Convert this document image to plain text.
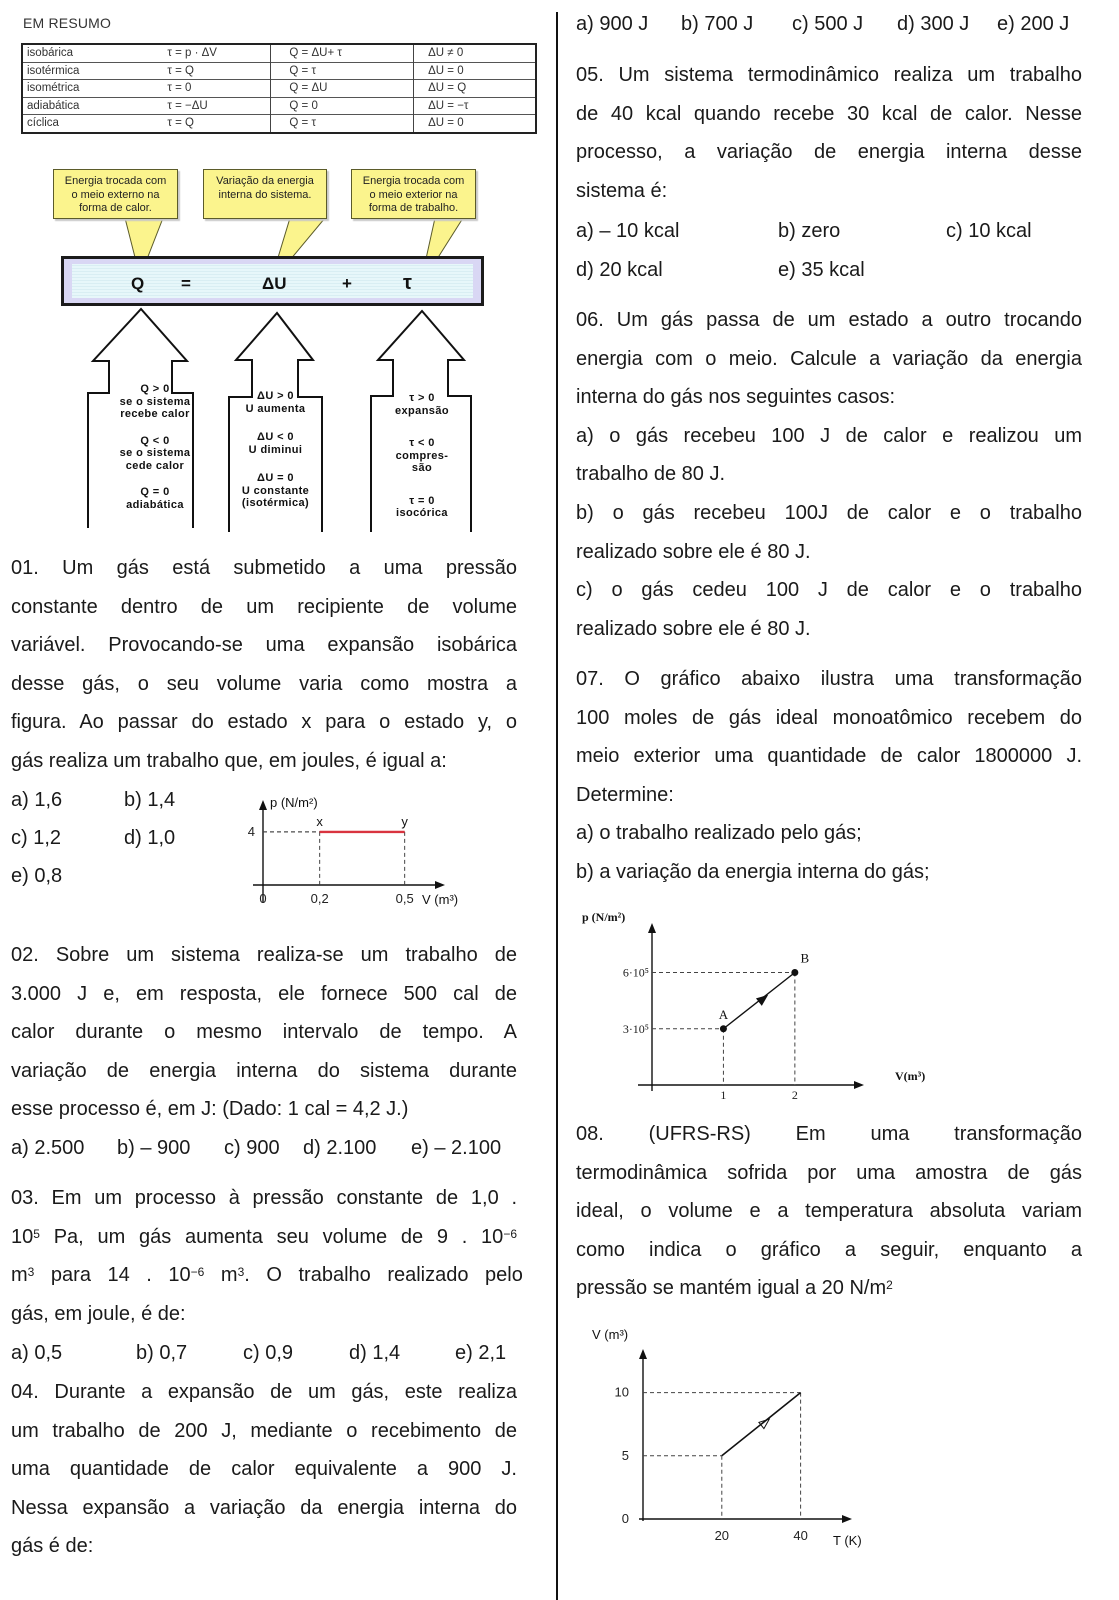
EM RESUMO
isobárica	τ = p · ΔV	Q = ΔU+ τ	ΔU ≠ 0
isotérmica	τ = Q	Q = τ	ΔU = 0
isométrica	τ = 0	Q = ΔU	ΔU = Q
adiabática	τ = −ΔU	Q = 0	ΔU = −τ
cíclica	τ = Q	Q = τ	ΔU = 0
Energia trocada com
o meio externo na
forma de calor.
Variação da energia
interna do sistema.
Energia trocada com
o meio exterior na
forma de trabalho.
Q =	ΔU	+	τ
Q > 0
se o sistema
recebe calor
Q < 0
se o sistema
cede calor
Q = 0
adiabática
ΔU > 0
U aumenta
ΔU < 0
U diminui
ΔU = 0
U constante
(isotérmica)
τ > 0
expansão
τ < 0
compres-
são
τ = 0
isocórica
01. Um gás está submetido a uma pressão
constante dentro de um recipiente de volume
variável. Provocando-se uma expansão isobárica
desse gás, o seu volume varia como mostra a
figura. Ao passar do estado x para o estado y, o
gás realiza um trabalho que, em joules, é igual a:
a) 1,6	b) 1,4
c) 1,2	d) 1,0
e) 0,8
x	y
0	0,2	0,5
4
V (m³)
p (N/m²)
02. Sobre um sistema realiza-se um trabalho de
3.000 J e, em resposta, ele fornece 500 cal de
calor durante o mesmo intervalo de tempo. A
variação de energia interna do sistema durante
esse processo é, em J: (Dado: 1 cal = 4,2 J.)
a) 2.500 b) – 900 c) 900 d) 2.100 e) – 2.100
03. Em um processo à pressão constante de 1,0 .
$10^5$ Pa, um gás aumenta seu volume de 9 . $10^{-6}$
$m^3$ para 14 . $10^{-6}$ $m^3$. O trabalho realizado pelo
gás, em joule, é de:
a) 0,5	b) 0,7	c) 0,9	d) 1,4	e) 2,1
04. Durante a expansão de um gás, este realiza
um trabalho de 200 J, mediante o recebimento de
uma quantidade de calor equivalente a 900 J.
Nessa expansão a variação da energia interna do
gás é de:
a) 900 J b) 700 J c) 500 J d) 300 J e) 200 J
05. Um sistema termodinâmico realiza um trabalho
de 40 kcal quando recebe 30 kcal de calor. Nesse
processo, a variação de energia interna desse
sistema é:
a) – 10 kcal	b) zero	c) 10 kcal
d) 20 kcal	e) 35 kcal
06. Um gás passa de um estado a outro trocando
energia com o meio. Calcule a variação da energia
interna do gás nos seguintes casos:
a) o gás recebeu 100 J de calor e realizou um
trabalho de 80 J.
b) o gás recebeu 100J de calor e o trabalho
realizado sobre ele é 80 J.
c) o gás cedeu 100 J de calor e o trabalho
realizado sobre ele é 80 J.
07. O gráfico abaixo ilustra uma transformação
100 moles de gás ideal monoatômico recebem do
meio exterior uma quantidade de calor 1800000 J.
Determine:
a) o trabalho realizado pelo gás;
b) a variação da energia interna do gás;
A
B
1	2
3·10⁵
6·10⁵
V(m³)
p (N/m²)
08. (UFRS-RS) Em uma transformação
termodinâmica sofrida por uma amostra de gás
ideal, o volume e a temperatura absoluta variam
como indica o gráfico a seguir, enquanto a
pressão se mantém igual a 20 $N/m^2$
20	40
0
5
10
T (K)
V (m³)
